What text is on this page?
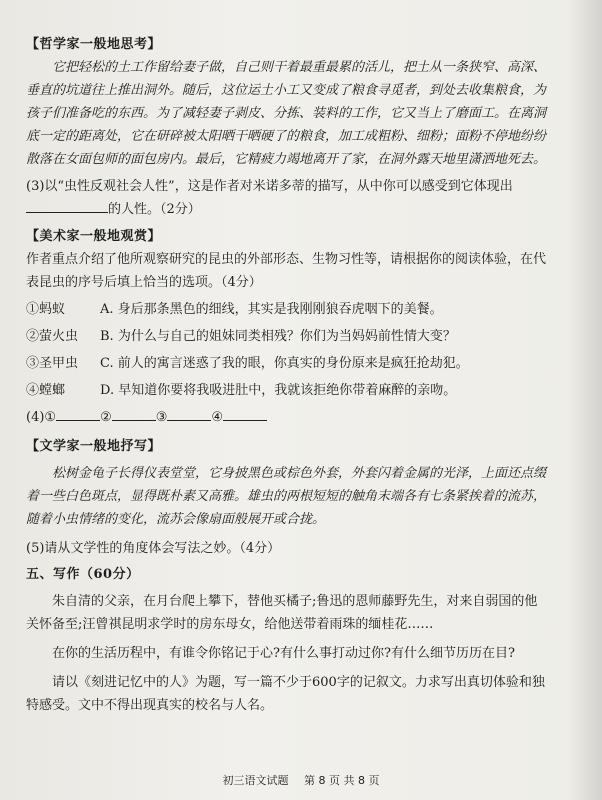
【哲学家一般地思考】
它把轻松的土工作留给妻子做，自己则干着最重最累的活儿，把土从一条狭窄、高深、
垂直的坑道往上推出洞外。随后，这位运土小工又变成了粮食寻觅者，到处去收集粮食，为
孩子们准备吃的东西。为了减轻妻子剥皮、分拣、装料的工作，它又当上了磨面工。在离洞
底一定的距离处，它在研碎被太阳晒干晒硬了的粮食，加工成粗粉、细粉；面粉不停地纷纷
散落在女面包师的面包房内。最后，它精疲力竭地离开了家，在洞外露天地里潇洒地死去。
(3)以“虫性反观社会人性”，这是作者对米诺多蒂的描写，从中你可以感受到它体现出
的人性。（2分）
【美术家一般地观赏】
作者重点介绍了他所观察研究的昆虫的外部形态、生物习性等，请根据你的阅读体验，在代
表昆虫的序号后填上恰当的选项。（4分）
①蚂蚁	A. 身后那条黑色的细线，其实是我刚刚狼吞虎咽下的美餐。
②萤火虫	B. 为什么与自己的姐妹同类相残？你们为当妈妈前性情大变？
③圣甲虫	C. 前人的寓言迷惑了我的眼，你真实的身份原来是疯狂抢劫犯。
④螳螂	D. 早知道你要将我吸进肚中，我就该拒绝你带着麻醉的亲吻。
(4)①	②	③	④
【文学家一般地抒写】
松树金龟子长得仪表堂堂，它身披黑色或棕色外套，外套闪着金属的光泽，上面还点缀
着一些白色斑点，显得既朴素又高雅。雄虫的两根短短的触角末端各有七条紧挨着的流苏，
随着小虫情绪的变化，流苏会像扇面般展开或合拢。
(5)请从文学性的角度体会写法之妙。（4分）
五、写作（60分）
朱自清的父亲，在月台爬上攀下，替他买橘子;鲁迅的恩师藤野先生，对来自弱国的他
关怀备至;汪曾祺昆明求学时的房东母女，给他送带着雨珠的缅桂花……
在你的生活历程中，有谁令你铭记于心?有什么事打动过你?有什么细节历历在目?
请以《刻进记忆中的人》为题，写一篇不少于600字的记叙文。力求写出真切体验和独
特感受。文中不得出现真实的校名与人名。
初三语文试题 第 8 页 共 8 页
